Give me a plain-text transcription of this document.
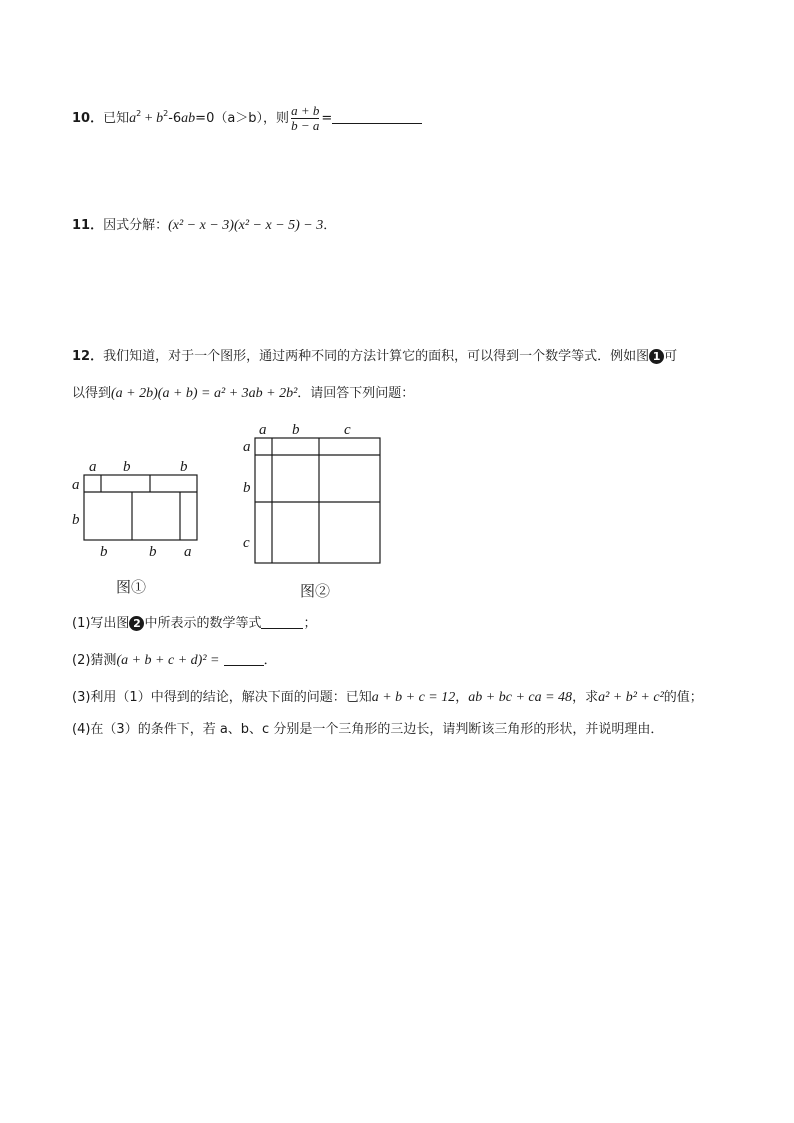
10．已知$a^2 + b^2-6ab=0(a>b)$，则 $\frac{a + b}{b - a}$ =
11．因式分解：(x² − x − 3)(x² − x − 5) − 3．
12．我们知道，对于一个图形，通过两种不同的方法计算它的面积，可以得到一个数学等式．例如图 1 可
以得到(a + 2b)(a + b) = a² + 3ab + 2b²．请回答下列问题：
a b	b
a
b
b	b a
图①
a b	c
a
b
c
图②
(1)写出图 2 中所表示的数学等式	；
(2)猜测(a + b + c + d)² =	．
(3)利用（1）中得到的结论，解决下面的问题：已知a + b + c = 12，ab + bc + ca = 48，求a² + b² + c²的值；
(4)在（3）的条件下，若 a、b、c 分别是一个三角形的三边长，请判断该三角形的形状，并说明理由．
